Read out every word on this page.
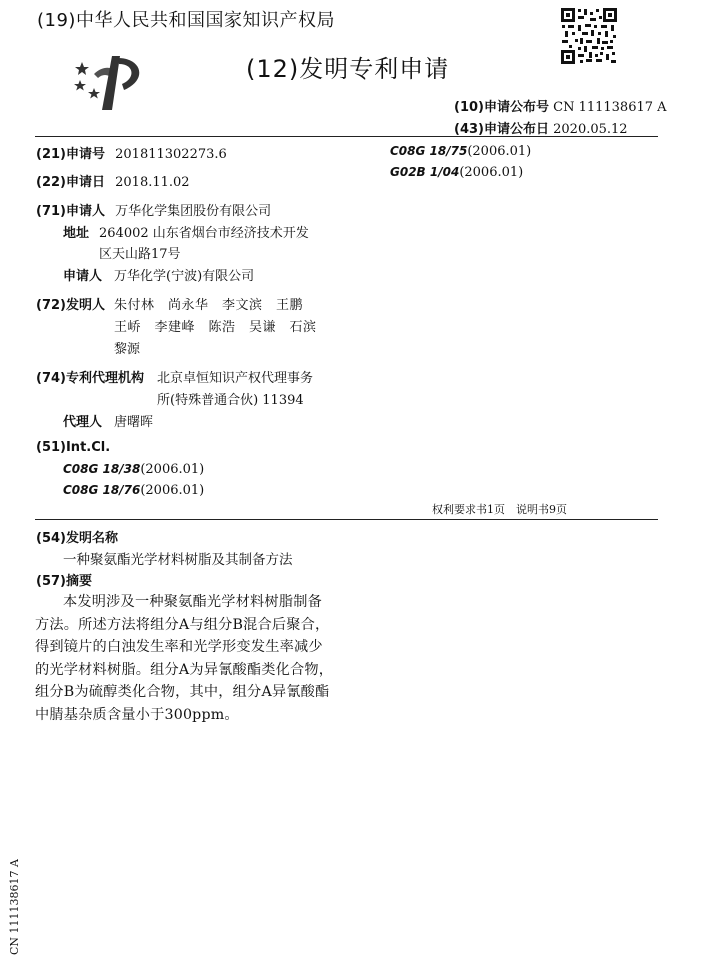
(19)中华人民共和国国家知识产权局
(12)发明专利申请
(10)申请公布号 CN 111138617 A
(43)申请公布日 2020.05.12
(21)申请号 201811302273.6
(22)申请日 2018.11.02
(71)申请人 万华化学集团股份有限公司
地址 264002 山东省烟台市经济技术开发
区天山路17号
申请人 万华化学(宁波)有限公司
(72)发明人 朱付林　尚永华　李文滨　王鹏
王峤　李建峰　陈浩　吴谦　石滨
黎源
(74)专利代理机构 北京卓恒知识产权代理事务
所(特殊普通合伙) 11394
代理人 唐曙晖
(51)Int.Cl.
C08G 18/38(2006.01)
C08G 18/76(2006.01)
C08G 18/75(2006.01)
G02B 1/04(2006.01)
权利要求书1页　说明书9页
(54)发明名称
一种聚氨酯光学材料树脂及其制备方法
(57)摘要
本发明涉及一种聚氨酯光学材料树脂制备方法。所述方法将组分A与组分B混合后聚合，得到镜片的白浊发生率和光学形变发生率减少的光学材料树脂。组分A为异氰酸酯类化合物，组分B为硫醇类化合物，其中，组分A异氰酸酯中腈基杂质含量小于300ppm。
CN 111138617 A
